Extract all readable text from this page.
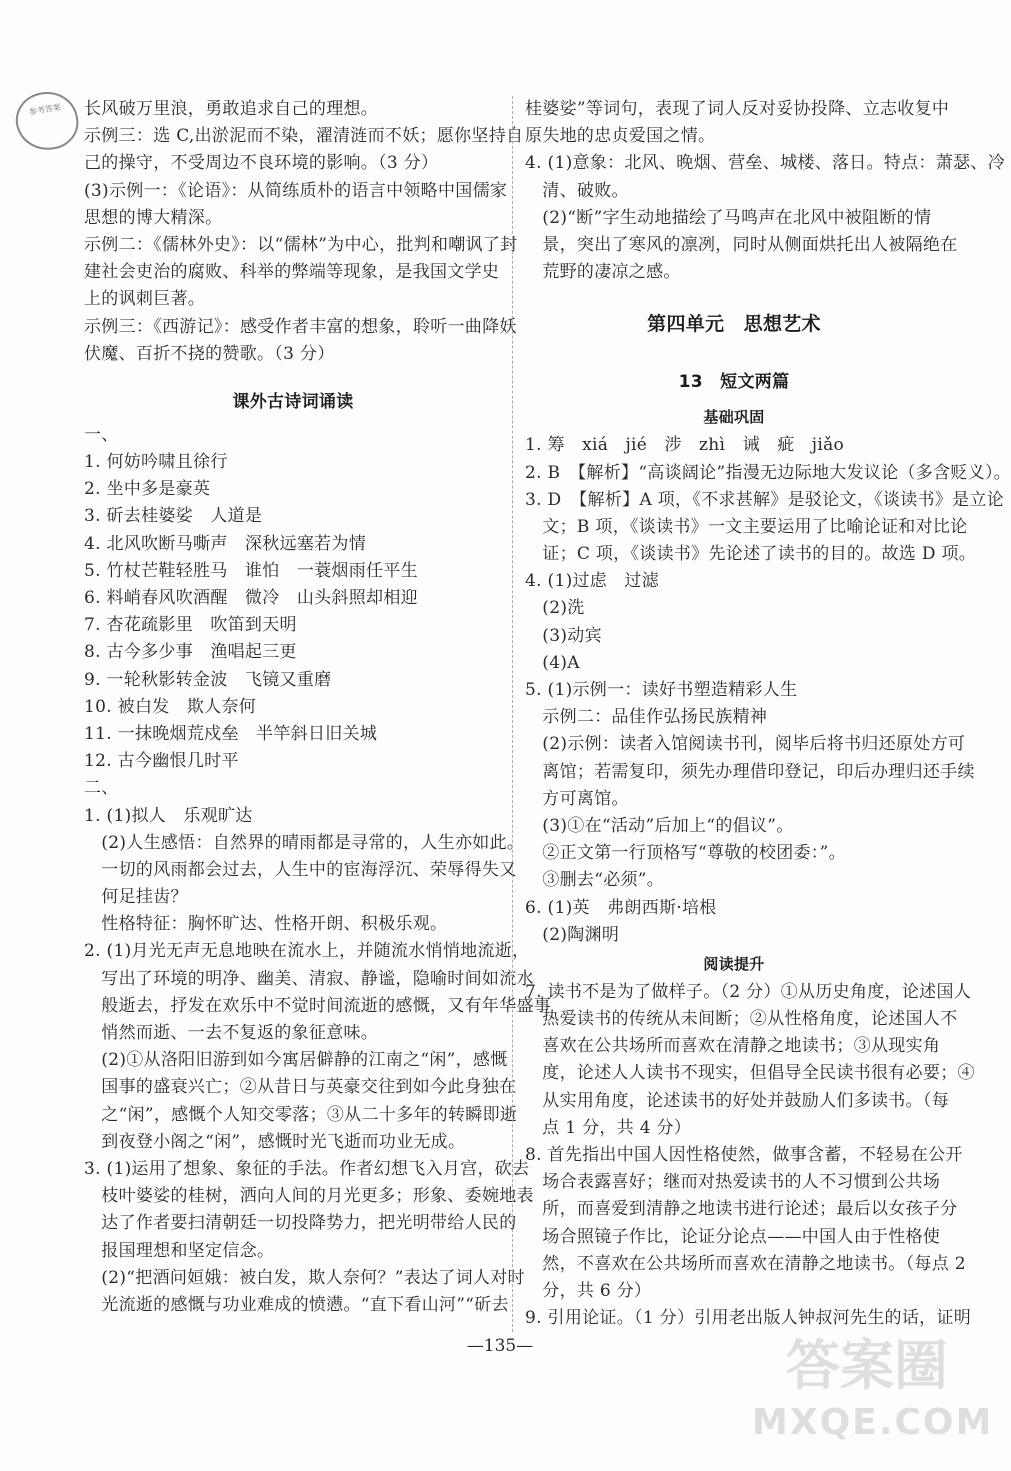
参考答案	长风破万里浪，勇敢追求自己的理想。
示例三：选 C,出淤泥而不染，濯清涟而不妖；愿你坚持自
己的操守，不受周边不良环境的影响。（3 分）
(3)示例一：《论语》：从简练质朴的语言中领略中国儒家
思想的博大精深。
示例二：《儒林外史》：以“儒林”为中心，批判和嘲讽了封
建社会吏治的腐败、科举的弊端等现象，是我国文学史
上的讽刺巨著。
示例三：《西游记》：感受作者丰富的想象，聆听一曲降妖
伏魔、百折不挠的赞歌。（3 分）
课外古诗词诵读
一、
1. 何妨吟啸且徐行
2. 坐中多是豪英
3. 斫去桂婆娑　人道是
4. 北风吹断马嘶声　深秋远塞若为情
5. 竹杖芒鞋轻胜马　谁怕　一蓑烟雨任平生
6. 料峭春风吹酒醒　微冷　山头斜照却相迎
7. 杏花疏影里　吹笛到天明
8. 古今多少事　渔唱起三更
9. 一轮秋影转金波　飞镜又重磨
10. 被白发　欺人奈何
11. 一抹晚烟荒戍垒　半竿斜日旧关城
12. 古今幽恨几时平
二、
1. (1)拟人　乐观旷达
　(2)人生感悟：自然界的晴雨都是寻常的，人生亦如此。
　一切的风雨都会过去，人生中的宦海浮沉、荣辱得失又
　何足挂齿？
　性格特征：胸怀旷达、性格开朗、积极乐观。
2. (1)月光无声无息地映在流水上，并随流水悄悄地流逝，
　写出了环境的明净、幽美、清寂、静谧，隐喻时间如流水
　般逝去，抒发在欢乐中不觉时间流逝的感慨，又有年华盛事
　悄然而逝、一去不复返的象征意味。
　(2)①从洛阳旧游到如今寓居僻静的江南之“闲”，感慨
　国事的盛衰兴亡；②从昔日与英豪交往到如今此身独在
　之“闲”，感慨个人知交零落；③从二十多年的转瞬即逝
　到夜登小阁之“闲”，感慨时光飞逝而功业无成。
3. (1)运用了想象、象征的手法。作者幻想飞入月宫，砍去
　枝叶婆娑的桂树，洒向人间的月光更多；形象、委婉地表
　达了作者要扫清朝廷一切投降势力，把光明带给人民的
　报国理想和坚定信念。
　(2)“把酒问姮娥：被白发，欺人奈何？”表达了词人对时
　光流逝的感慨与功业难成的愤懑。“直下看山河”“斫去
桂婆娑”等词句，表现了词人反对妥协投降、立志收复中
原失地的忠贞爱国之情。
4. (1)意象：北风、晚烟、营垒、城楼、落日。特点：萧瑟、冷
　清、破败。
　(2)“断”字生动地描绘了马鸣声在北风中被阻断的情
　景，突出了寒风的凛冽，同时从侧面烘托出人被隔绝在
　荒野的凄凉之感。
第四单元　思想艺术
13　短文两篇
基础巩固
1. 筹　xiá　jié　涉　zhì　诫　疵　jiǎo
2. B　【解析】“高谈阔论”指漫无边际地大发议论（多含贬义）。
3. D　【解析】A 项，《不求甚解》是驳论文，《谈读书》是立论
　文；B 项，《谈读书》一文主要运用了比喻论证和对比论
　证；C 项，《谈读书》先论述了读书的目的。故选 D 项。
4. (1)过虑　过滤
　(2)洗
　(3)动宾
　(4)A
5. (1)示例一：读好书塑造精彩人生
　示例二：品佳作弘扬民族精神
　(2)示例：读者入馆阅读书刊，阅毕后将书归还原处方可
　离馆；若需复印，须先办理借印登记，印后办理归还手续
　方可离馆。
　(3)①在“活动”后加上“的倡议”。
　②正文第一行顶格写“尊敬的校团委：”。
　③删去“必须”。
6. (1)英　弗朗西斯·培根
　(2)陶渊明
阅读提升
7. 读书不是为了做样子。（2 分）①从历史角度，论述国人
　热爱读书的传统从未间断；②从性格角度，论述国人不
　喜欢在公共场所而喜欢在清静之地读书；③从现实角
　度，论述人人读书不现实，但倡导全民读书很有必要；④
　从实用角度，论述读书的好处并鼓励人们多读书。（每
　点 1 分，共 4 分）
8. 首先指出中国人因性格使然，做事含蓄，不轻易在公开
　场合表露喜好；继而对热爱读书的人不习惯到公共场
　所，而喜爱到清静之地读书进行论述；最后以女孩子分
　场合照镜子作比，论证分论点——中国人由于性格使
　然，不喜欢在公共场所而喜欢在清静之地读书。（每点 2
　分，共 6 分）
9. 引用论证。（1 分）引用老出版人钟叔河先生的话，证明
—135—	答案圈
MXQE.COM
